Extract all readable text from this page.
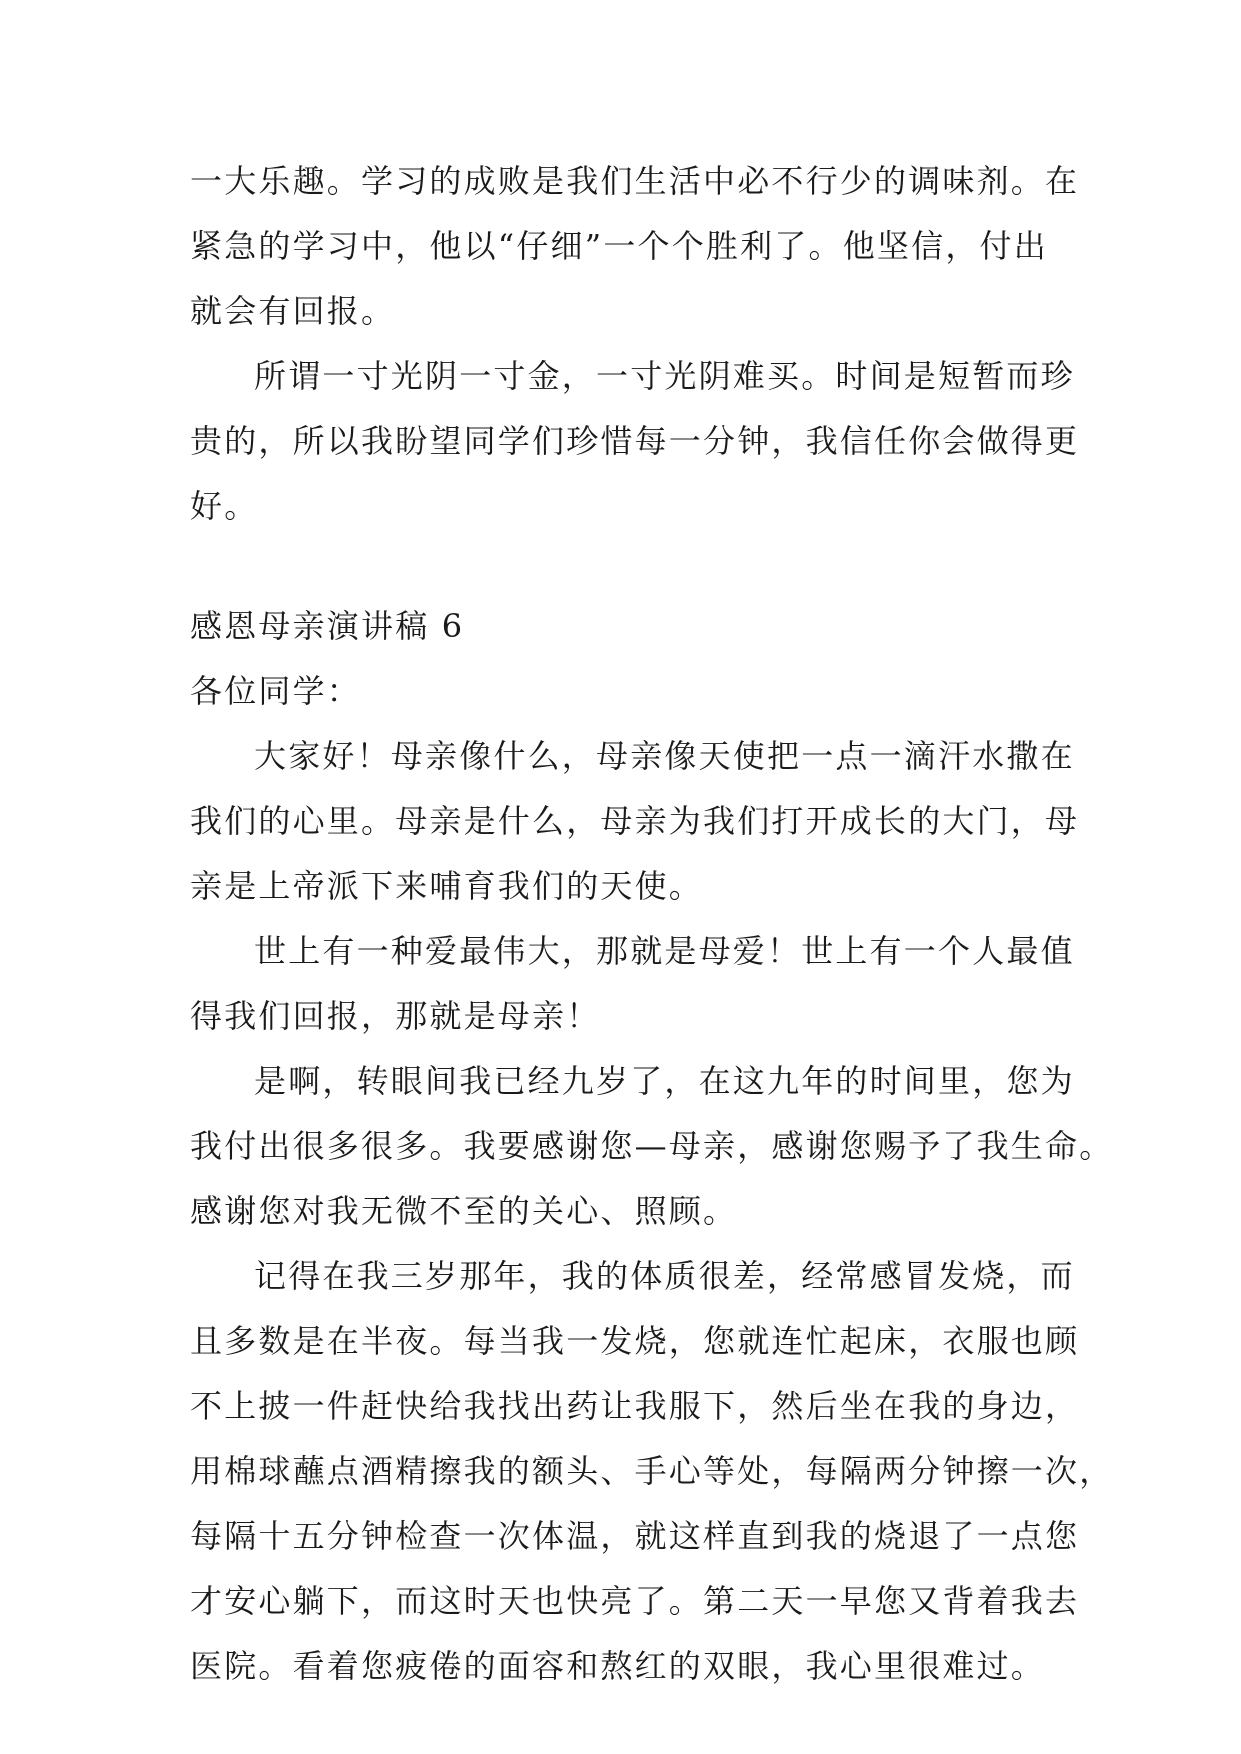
一大乐趣。学习的成败是我们生活中必不行少的调味剂。在
紧急的学习中，他以“仔细”一个个胜利了。他坚信，付出
就会有回报。
所谓一寸光阴一寸金，一寸光阴难买。时间是短暂而珍
贵的，所以我盼望同学们珍惜每一分钟，我信任你会做得更
好。
感恩母亲演讲稿 6
各位同学：
大家好！母亲像什么，母亲像天使把一点一滴汗水撒在
我们的心里。母亲是什么，母亲为我们打开成长的大门，母
亲是上帝派下来哺育我们的天使。
世上有一种爱最伟大，那就是母爱！世上有一个人最值
得我们回报，那就是母亲！
是啊，转眼间我已经九岁了，在这九年的时间里，您为
我付出很多很多。我要感谢您—母亲，感谢您赐予了我生命。
感谢您对我无微不至的关心、照顾。
记得在我三岁那年，我的体质很差，经常感冒发烧，而
且多数是在半夜。每当我一发烧，您就连忙起床，衣服也顾
不上披一件赶快给我找出药让我服下，然后坐在我的身边，
用棉球蘸点酒精擦我的额头、手心等处，每隔两分钟擦一次，
每隔十五分钟检查一次体温，就这样直到我的烧退了一点您
才安心躺下，而这时天也快亮了。第二天一早您又背着我去
医院。看着您疲倦的面容和熬红的双眼，我心里很难过。
